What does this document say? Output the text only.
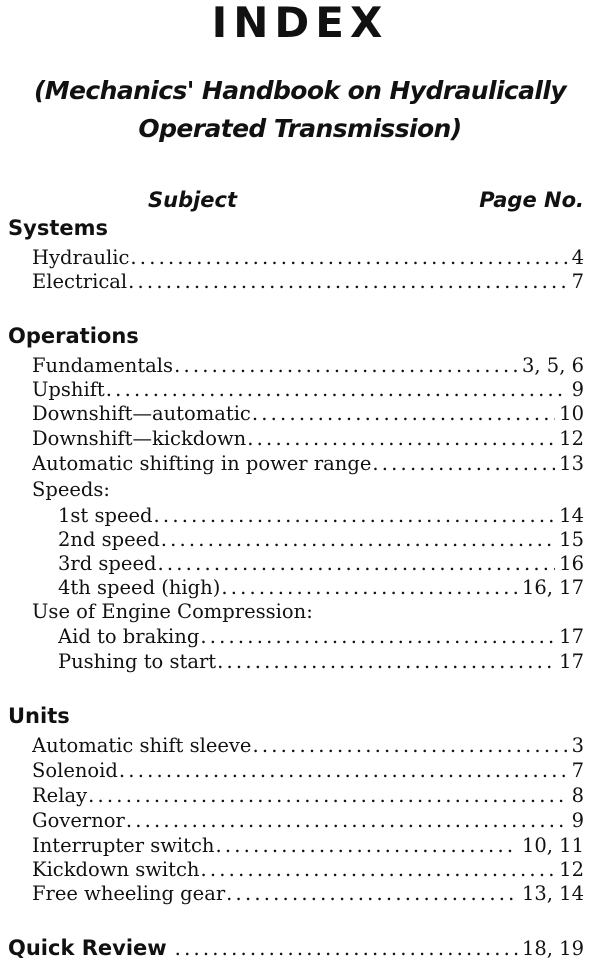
INDEX
(Mechanics' Handbook on Hydraulically
Operated Transmission)
Subject	Page No.
Systems
Hydraulic .....	4
Electrical .....	7
Operations
Fundamentals .....	3, 5, 6
Upshift .....	9
Downshift—automatic .....	10
Downshift—kickdown .....	12
Automatic shifting in power range .....	13
Speeds:
1st speed .....	14
2nd speed .....	15
3rd speed .....	16
4th speed (high) .....	16, 17
Use of Engine Compression:
Aid to braking .....	17
Pushing to start .....	17
Units
Automatic shift sleeve .....	3
Solenoid .....	7
Relay .....	8
Governor .....	9
Interrupter switch .....	10, 11
Kickdown switch .....	12
Free wheeling gear .....	13, 14
Quick Review .....	18, 19
